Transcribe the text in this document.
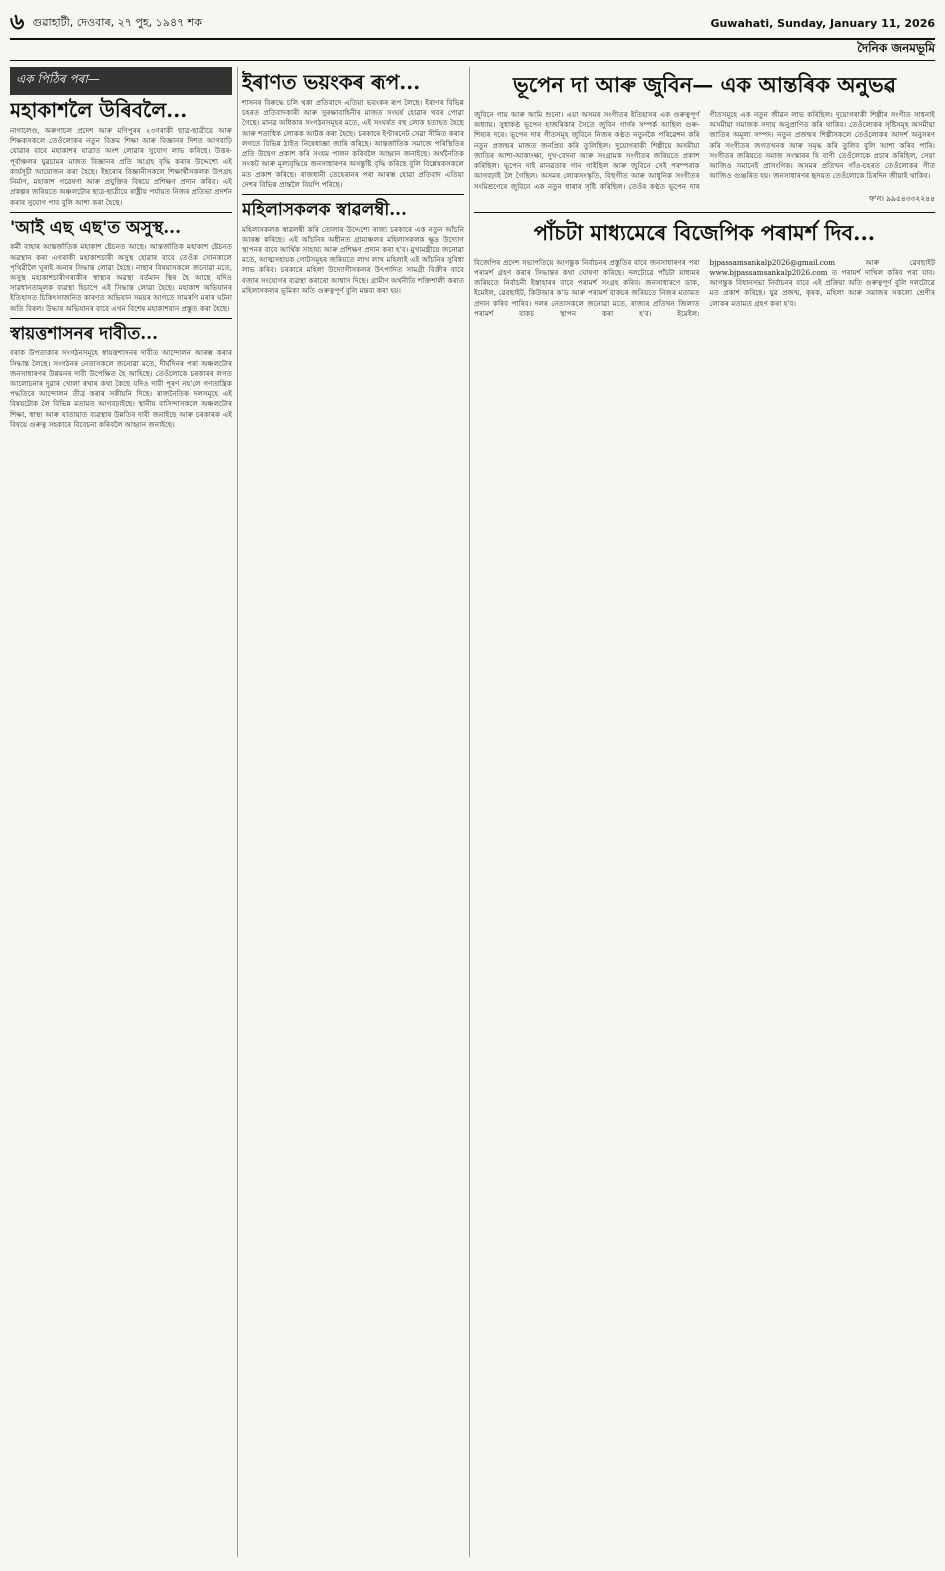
৬ গুৱাহাটী, দেওবাৰ, ২৭ পুহ, ১৯৪৭ শক	Guwahati, Sunday, January 11, 2026
দৈনিক জনমভূমি
এক পিঠিৰ পৰা—
মহাকাশলৈ উৰিবলৈ...

নাগালেণ্ড, অৰুণাচল প্ৰদেশ আৰু মণিপুৰৰ ২৩গৰাকী ছাত্ৰ-ছাত্ৰীয়ে আৰু শিক্ষকসকলে তেওঁলোকৰ নতুন বিক্ৰম শিক্ষা আৰু বিজ্ঞানৰ দিশত আগবাঢ়ি যোৱাৰ বাবে মহাকাশৰ যাত্ৰাত অংশ লোৱাৰ সুযোগ লাভ কৰিছে। উত্তৰ-পূৰ্বাঞ্চলৰ যুৱচামৰ মাজত বিজ্ঞানৰ প্ৰতি আগ্ৰহ বৃদ্ধি কৰাৰ উদ্দেশ্যে এই কাৰ্যসূচী আয়োজন কৰা হৈছে। ইছৰোৰ বিজ্ঞানীসকলে শিক্ষাৰ্থীসকলক উপগ্ৰহ নিৰ্মাণ, মহাকাশ গৱেষণা আৰু প্ৰযুক্তিৰ বিষয়ে প্ৰশিক্ষণ প্ৰদান কৰিব। এই প্ৰকল্পৰ জৰিয়তে অঞ্চলটোৰ ছাত্ৰ-ছাত্ৰীয়ে ৰাষ্ট্ৰীয় পৰ্যায়ত নিজৰ প্ৰতিভা প্ৰদৰ্শন কৰাৰ সুযোগ পাব বুলি আশা কৰা হৈছে।

'আই এছ এছ'ত অসুস্থ...

কৰ্মী বাহাৰ আন্তৰ্জাতিক মহাকাশ ষ্টেচনত আছে। আন্তৰ্জাতিক মহাকাশ ষ্টেচনত অৱস্থান কৰা এগৰাকী মহাকাশচাৰী অসুস্থ হোৱাৰ বাবে তেওঁক সোনকালে পৃথিৱীলৈ ঘূৰাই অনাৰ সিদ্ধান্ত লোৱা হৈছে। নাছাৰ বিষয়াসকলে জনোৱা মতে, অসুস্থ মহাকাশচাৰীগৰাকীৰ স্বাস্থ্যৰ অৱস্থা বৰ্তমান স্থিৰ হৈ আছে যদিও সাৱধানতামূলক ব্যৱস্থা হিচাপে এই সিদ্ধান্ত লোৱা হৈছে। মহাকাশ অভিযানৰ ইতিহাসত চিকিৎসাজনিত কাৰণত অভিযান সময়ৰ আগতে সামৰণি মৰাৰ ঘটনা অতি বিৰল। উদ্ধাৰ অভিযানৰ বাবে এখন বিশেষ মহাকাশযান প্ৰস্তুত কৰা হৈছে।

স্বায়ত্তশাসনৰ দাবীত...

বৰাক উপত্যকাৰ সংগঠনসমূহে স্বায়ত্তশাসনৰ দাবীত আন্দোলন আৰম্ভ কৰাৰ সিদ্ধান্ত লৈছে। সংগঠনৰ নেতাসকলে জনোৱা মতে, দীৰ্ঘদিনৰ পৰা অঞ্চলটোৰ জনসাধাৰণৰ উন্নয়নৰ দাবী উপেক্ষিত হৈ আহিছে। তেওঁলোকে চৰকাৰৰ লগত আলোচনাৰ দুৱাৰ খোলা ৰখাৰ কথা কৈছে যদিও দাবী পূৰণ নহ'লে গণতান্ত্ৰিক পদ্ধতিৰে আন্দোলন তীব্ৰ কৰাৰ সকীয়নি দিছে। ৰাজনৈতিক দলসমূহে এই বিষয়টোক লৈ বিভিন্ন মতামত আগবঢ়াইছে। স্থানীয় বাসিন্দাসকলে অঞ্চলটোৰ শিক্ষা, স্বাস্থ্য আৰু যাতায়াত ব্যৱস্থাৰ উন্নতিৰ দাবী জনাইছে আৰু চৰকাৰক এই বিষয়ে গুৰুত্ব সহকাৰে বিবেচনা কৰিবলৈ আহ্বান জনাইছে।

ইৰাণত ভয়ংকৰ ৰূপ...

শাসনৰ বিৰুদ্ধে চলি থকা প্ৰতিবাদে এতিয়া ভয়ংকৰ ৰূপ লৈছে। ইৰাণৰ বিভিন্ন চহৰত প্ৰতিবাদকাৰী আৰু সুৰক্ষাবাহিনীৰ মাজত সংঘৰ্ষ হোৱাৰ খবৰ পোৱা গৈছে। মানৱ অধিকাৰ সংগঠনসমূহৰ মতে, এই সংঘৰ্ষত বহু লোক হতাহত হৈছে আৰু শতাধিক লোকক আটক কৰা হৈছে। চৰকাৰে ইণ্টাৰনেট সেৱা সীমিত কৰাৰ লগতে বিভিন্ন ঠাইত নিষেধাজ্ঞা জাৰি কৰিছে। আন্তৰ্জাতিক সমাজে পৰিস্থিতিৰ প্ৰতি উদ্বেগ প্ৰকাশ কৰি সংযম পালন কৰিবলৈ আহ্বান জনাইছে। অৰ্থনৈতিক সংকট আৰু মূল্যবৃদ্ধিয়ে জনসাধাৰণৰ অসন্তুষ্টি বৃদ্ধি কৰিছে বুলি বিশ্লেষকসকলে মত প্ৰকাশ কৰিছে। ৰাজধানী তেহেৰানৰ পৰা আৰম্ভ হোৱা প্ৰতিবাদ এতিয়া দেশৰ বিভিন্ন প্ৰান্তলৈ বিয়পি পৰিছে।

মহিলাসকলক স্বাৱলম্বী...

মহিলাসকলক স্বাৱলম্বী কৰি তোলাৰ উদ্দেশ্যে ৰাজ্য চৰকাৰে এক নতুন আঁচনি আৰম্ভ কৰিছে। এই আঁচনিৰ অধীনত গ্ৰামাঞ্চলৰ মহিলাসকলক ক্ষুদ্ৰ উদ্যোগ স্থাপনৰ বাবে আৰ্থিক সাহায্য আৰু প্ৰশিক্ষণ প্ৰদান কৰা হ'ব। মুখ্যমন্ত্ৰীয়ে জনোৱা মতে, আত্মসহায়ক গোটসমূহৰ জৰিয়তে লাখ লাখ মহিলাই এই আঁচনিৰ সুবিধা লাভ কৰিব। চৰকাৰে মহিলা উদ্যোগীসকলৰ উৎপাদিত সামগ্ৰী বিক্ৰীৰ বাবে বজাৰ সংযোগৰ ব্যৱস্থা কৰাৰো আশ্বাস দিছে। গ্ৰামীণ অৰ্থনীতি শক্তিশালী কৰাত মহিলাসকলৰ ভূমিকা অতি গুৰুত্বপূৰ্ণ বুলি মন্তব্য কৰা হয়।

ভূপেন দা আৰু জুবিন— এক আন্তৰিক অনুভৱ

জুবিনে গায় আৰু আমি শুনো। এয়া অসমৰ সংগীতৰ ইতিহাসৰ এক গুৰুত্বপূৰ্ণ অধ্যায়। সুধাকণ্ঠ ভূপেন হাজৰিকাৰ সৈতে জুবিন গাৰ্গৰ সম্পৰ্ক আছিল গুৰু-শিষ্যৰ দৰে। ভূপেন দাৰ গীতসমূহ জুবিনে নিজৰ কণ্ঠত নতুনকৈ পৰিৱেশন কৰি নতুন প্ৰজন্মৰ মাজত জনপ্ৰিয় কৰি তুলিছিল। দুয়োগৰাকী শিল্পীয়ে অসমীয়া জাতিৰ আশা-আকাংক্ষা, দুখ-বেদনা আৰু সংগ্ৰামক সংগীতৰ জৰিয়তে প্ৰকাশ কৰিছিল। ভূপেন দাই মানৱতাৰ গান গাইছিল আৰু জুবিনে সেই পৰম্পৰাক আগবঢ়াই লৈ গৈছিল। অসমৰ লোকসংস্কৃতি, বিহুগীত আৰু আধুনিক সংগীতৰ সংমিশ্ৰণেৰে জুবিনে এক নতুন ধাৰাৰ সৃষ্টি কৰিছিল। তেওঁৰ কণ্ঠত ভূপেন দাৰ গীতসমূহে এক নতুন জীৱন লাভ কৰিছিল। দুয়োগৰাকী শিল্পীৰ সংগীত সাধনাই অসমীয়া সমাজক সদায় অনুপ্ৰাণিত কৰি থাকিব। তেওঁলোকৰ সৃষ্টিসমূহ অসমীয়া জাতিৰ অমূল্য সম্পদ। নতুন প্ৰজন্মৰ শিল্পীসকলে তেওঁলোকৰ আদৰ্শ অনুসৰণ কৰি সংগীতৰ জগতখনক আৰু সমৃদ্ধ কৰি তুলিব বুলি আশা কৰিব পাৰি। সংগীতৰ জৰিয়তে সমাজ সংস্কাৰৰ যি বাণী তেওঁলোকে প্ৰচাৰ কৰিছিল, সেয়া আজিও সমানেই প্ৰাসংগিক। অসমৰ প্ৰতিখন গাঁও-চহৰত তেওঁলোকৰ গীত আজিও গুঞ্জৰিত হয়। জনসাধাৰণৰ হৃদয়ত তেওঁলোকে চিৰদিন জীয়াই থাকিব।

ফ'ন। ৯৯৫৪৩৩২২৪৪
পাঁচটা মাধ্যমেৰে বিজেপিক পৰামৰ্শ দিব...

বিজেপিৰ প্ৰদেশ সভাপতিয়ে আগন্তুক নিৰ্বাচনৰ প্ৰস্তুতিৰ বাবে জনসাধাৰণৰ পৰা পৰামৰ্শ গ্ৰহণ কৰাৰ সিদ্ধান্তৰ কথা ঘোষণা কৰিছে। দলটোৱে পাঁচটা মাধ্যমৰ জৰিয়তে নিৰ্বাচনী ইস্তাহাৰৰ বাবে পৰামৰ্শ সংগ্ৰহ কৰিব। জনসাধাৰণে ডাক, ইমেইল, ৱেবছাইট, কিউআৰ ক'ড আৰু পৰামৰ্শ বাকচৰ জৰিয়তে নিজৰ মতামত প্ৰদান কৰিব পাৰিব। দলৰ নেতাসকলে জনোৱা মতে, ৰাজ্যৰ প্ৰতিখন জিলাত পৰামৰ্শ বাকচ স্থাপন কৰা হ'ব। ইমেইল: bjpassamsankalp2026@gmail.com আৰু ৱেবছাইট www.bjpassamsankalp2026.com ত পৰামৰ্শ দাখিল কৰিব পৰা যাব। আগন্তুক বিধানসভা নিৰ্বাচনৰ বাবে এই প্ৰক্ৰিয়া অতি গুৰুত্বপূৰ্ণ বুলি দলটোৱে মত প্ৰকাশ কৰিছে। যুৱ প্ৰজন্ম, কৃষক, মহিলা আৰু সমাজৰ সকলো শ্ৰেণীৰ লোকৰ মতামত গ্ৰহণ কৰা হ'ব।
